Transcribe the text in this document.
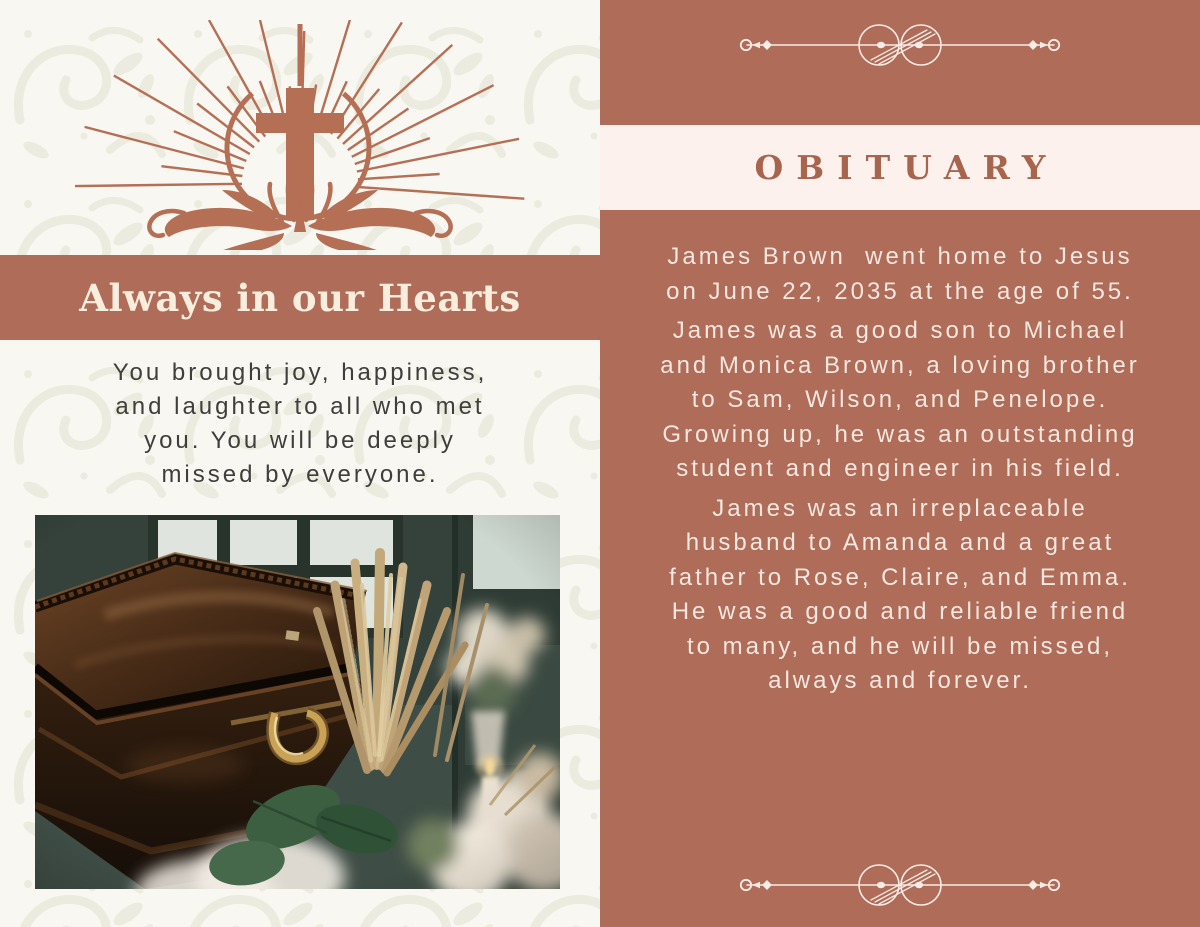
Always in our Hearts

You brought joy, happiness,
and laughter to all who met
you. You will be deeply
missed by everyone.

OBITUARY

James Brown  went home to Jesus
on June 22, 2035 at the age of 55.

James was a good son to Michael
and Monica Brown, a loving brother
to Sam, Wilson, and Penelope.
Growing up, he was an outstanding
student and engineer in his field.

James was an irreplaceable
husband to Amanda and a great
father to Rose, Claire, and Emma.
He was a good and reliable friend
to many, and he will be missed,
always and forever.
